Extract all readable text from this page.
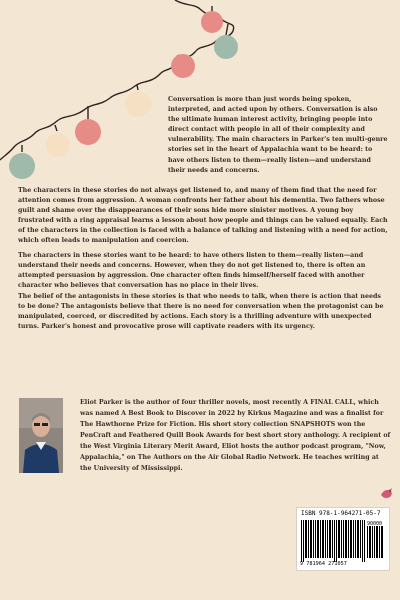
Conversation is more than just words being spoken, interpreted, and acted upon by others. Conversation is also the ultimate human interest activity, bringing people into direct contact with people in all of their complexity and vulnerability. The main characters in Parker's ten multi-genre stories set in the heart of Appalachia want to be heard: to have others listen to them—really listen—and understand their needs and concerns.

The characters in these stories do not always get listened to, and many of them find that the need for attention comes from aggression. A woman confronts her father about his dementia. Two fathers whose guilt and shame over the disappearances of their sons hide more sinister motives. A young boy frustrated with a ring appraisal learns a lesson about how people and things can be valued equally. Each of the characters in the collection is faced with a balance of talking and listening with a need for action, which often leads to manipulation and coercion.

The characters in these stories want to be heard: to have others listen to them—really listen—and understand their needs and concerns. However, when they do not get listened to, there is often an attempted persuasion by aggression. One character often finds himself/herself faced with another character who believes that conversation has no place in their lives.

The belief of the antagonists in these stories is that who needs to talk, when there is action that needs to be done? The antagonists believe that there is no need for conversation when the protagonist can be manipulated, coerced, or discredited by actions. Each story is a thrilling adventure with unexpected turns. Parker's honest and provocative prose will captivate readers with its urgency.

Eliot Parker is the author of four thriller novels, most recently A FINAL CALL, which was named A Best Book to Discover in 2022 by Kirkus Magazine and was a finalist for The Hawthorne Prize for Fiction. His short story collection SNAPSHOTS won the PenCraft and Feathered Quill Book Awards for best short story anthology. A recipient of the West Virginia Literary Merit Award, Eliot hosts the author podcast program, "Now, Appalachia," on The Authors on the Air Global Radio Network. He teaches writing at the University of Mississippi.

ISBN 978-1-964271-05-7
90000
9 781964 271057
